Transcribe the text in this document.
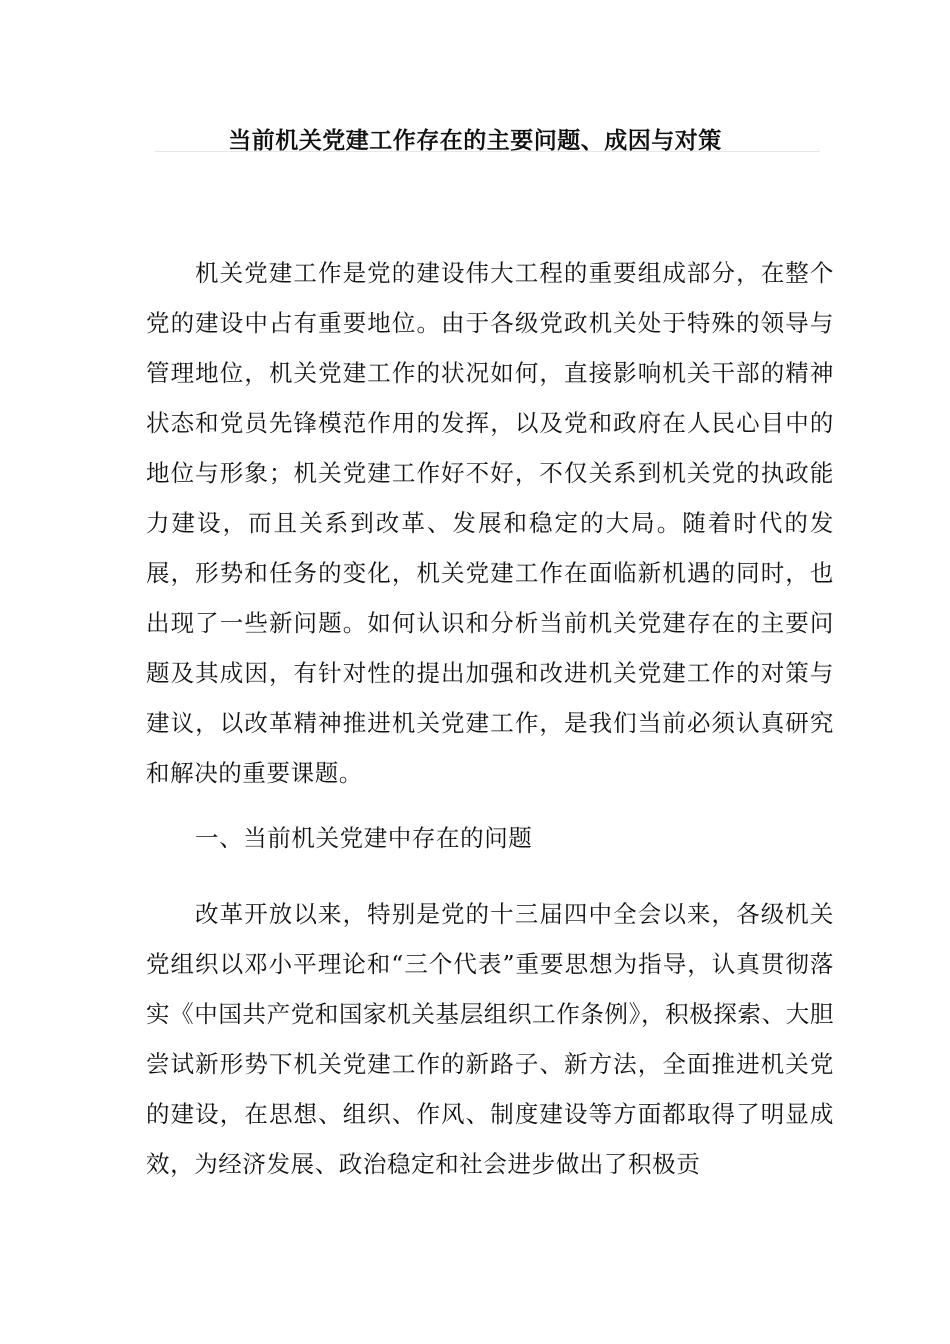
当前机关党建工作存在的主要问题、成因与对策

机关党建工作是党的建设伟大工程的重要组成部分，在整个党的建设中占有重要地位。由于各级党政机关处于特殊的领导与管理地位，机关党建工作的状况如何，直接影响机关干部的精神状态和党员先锋模范作用的发挥，以及党和政府在人民心目中的地位与形象；机关党建工作好不好，不仅关系到机关党的执政能力建设，而且关系到改革、发展和稳定的大局。随着时代的发展，形势和任务的变化，机关党建工作在面临新机遇的同时，也出现了一些新问题。如何认识和分析当前机关党建存在的主要问题及其成因，有针对性的提出加强和改进机关党建工作的对策与建议，以改革精神推进机关党建工作，是我们当前必须认真研究和解决的重要课题。

一、当前机关党建中存在的问题

改革开放以来，特别是党的十三届四中全会以来，各级机关党组织以邓小平理论和“三个代表”重要思想为指导，认真贯彻落实《中国共产党和国家机关基层组织工作条例》，积极探索、大胆尝试新形势下机关党建工作的新路子、新方法，全面推进机关党的建设，在思想、组织、作风、制度建设等方面都取得了明显成效，为经济发展、政治稳定和社会进步做出了积极贡
